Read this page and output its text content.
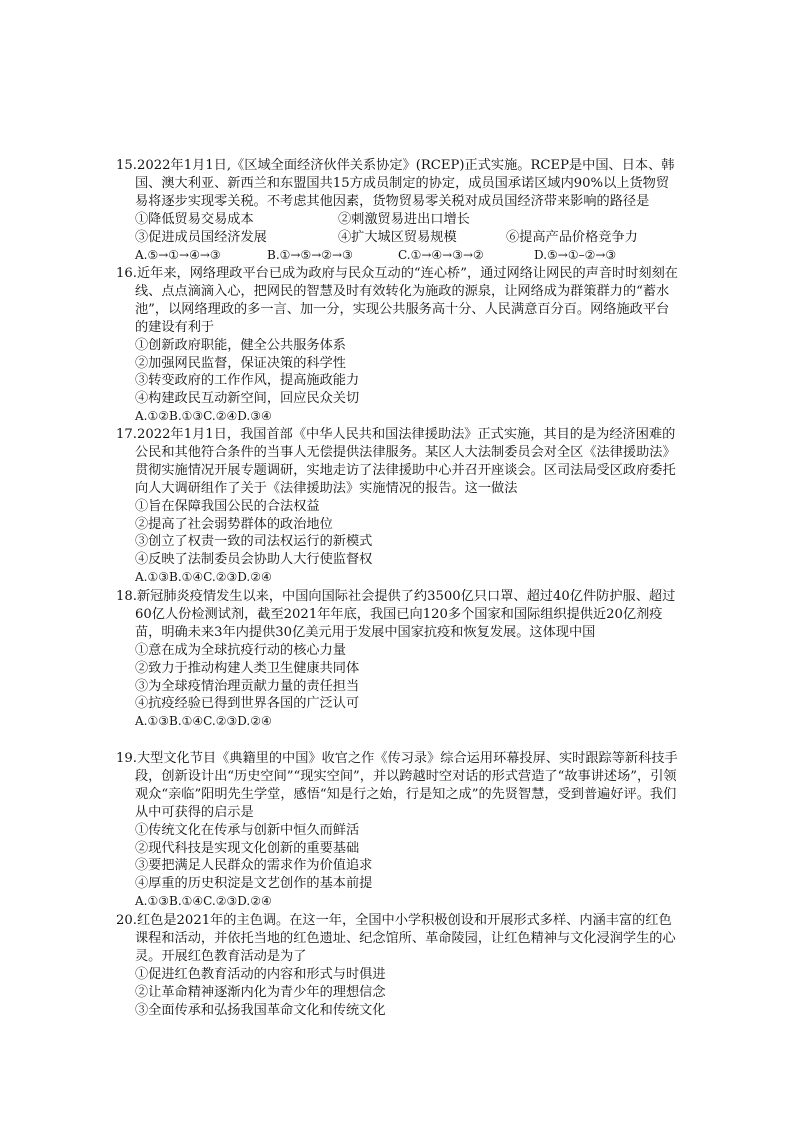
15.2022年1月1日,《区域全面经济伙伴关系协定》(RCEP)正式实施。RCEP是中国、日本、韩国、澳大利亚、新西兰和东盟国共15方成员制定的协定，成员国承诺区域内90%以上货物贸易将逐步实现零关税。不考虑其他因素，货物贸易零关税对成员国经济带来影响的路径是
①降低贸易交易成本	②刺激贸易进出口增长
③促进成员国经济发展	④扩大城区贸易规模	⑥提高产品价格竞争力
A.⑤→①→④→③	B.①→⑤→②→③	C.①→④→③→②	D.⑤→①–②→③
16.近年来，网络理政平台已成为政府与民众互动的“连心桥”，通过网络让网民的声音时时刻刻在线、点点滴滴入心，把网民的智慧及时有效转化为施政的源泉，让网络成为群策群力的“蓄水池”，以网络理政的多一言、加一分，实现公共服务高十分、人民满意百分百。网络施政平台的建设有利于
①创新政府职能，健全公共服务体系
②加强网民监督，保证决策的科学性
③转变政府的工作作风，提高施政能力
④构建政民互动新空间，回应民众关切
A.①②B.①③C.②④D.③④
17.2022年1月1日，我国首部《中华人民共和国法律援助法》正式实施，其目的是为经济困难的公民和其他符合条件的当事人无偿提供法律服务。某区人大法制委员会对全区《法律援助法》贯彻实施情况开展专题调研，实地走访了法律援助中心并召开座谈会。区司法局受区政府委托向人大调研组作了关于《法律援助法》实施情况的报告。这一做法
①旨在保障我国公民的合法权益
②提高了社会弱势群体的政治地位
③创立了权责一致的司法权运行的新模式
④反映了法制委员会协助人大行使监督权
A.①③B.①④C.②③D.②④
18.新冠肺炎疫情发生以来，中国向国际社会提供了约3500亿只口罩、超过40亿件防护服、超过60亿人份检测试剂，截至2021年年底，我国已向120多个国家和国际组织提供近20亿剂疫苗，明确未来3年内提供30亿美元用于发展中国家抗疫和恢复发展。这体现中国
①意在成为全球抗疫行动的核心力量
②致力于推动构建人类卫生健康共同体
③为全球疫情治理贡献力量的责任担当
④抗疫经验已得到世界各国的广泛认可
A.①③B.①④C.②③D.②④
19.大型文化节目《典籍里的中国》收官之作《传习录》综合运用环幕投屏、实时跟踪等新科技手段，创新设计出“历史空间”“现实空间”，并以跨越时空对话的形式营造了“故事讲述场”，引领观众“亲临”阳明先生学堂，感悟“知是行之始，行是知之成”的先贤智慧，受到普遍好评。我们从中可获得的启示是
①传统文化在传承与创新中恒久而鲜活
②现代科技是实现文化创新的重要基础
③要把满足人民群众的需求作为价值追求
④厚重的历史积淀是文艺创作的基本前提
A.①③B.①④C.②③D.②④
20.红色是2021年的主色调。在这一年，全国中小学积极创设和开展形式多样、内涵丰富的红色课程和活动，并依托当地的红色遗址、纪念馆所、革命陵园，让红色精神与文化浸润学生的心灵。开展红色教育活动是为了
①促进红色教育活动的内容和形式与时俱进
②让革命精神逐渐内化为青少年的理想信念
③全面传承和弘扬我国革命文化和传统文化
